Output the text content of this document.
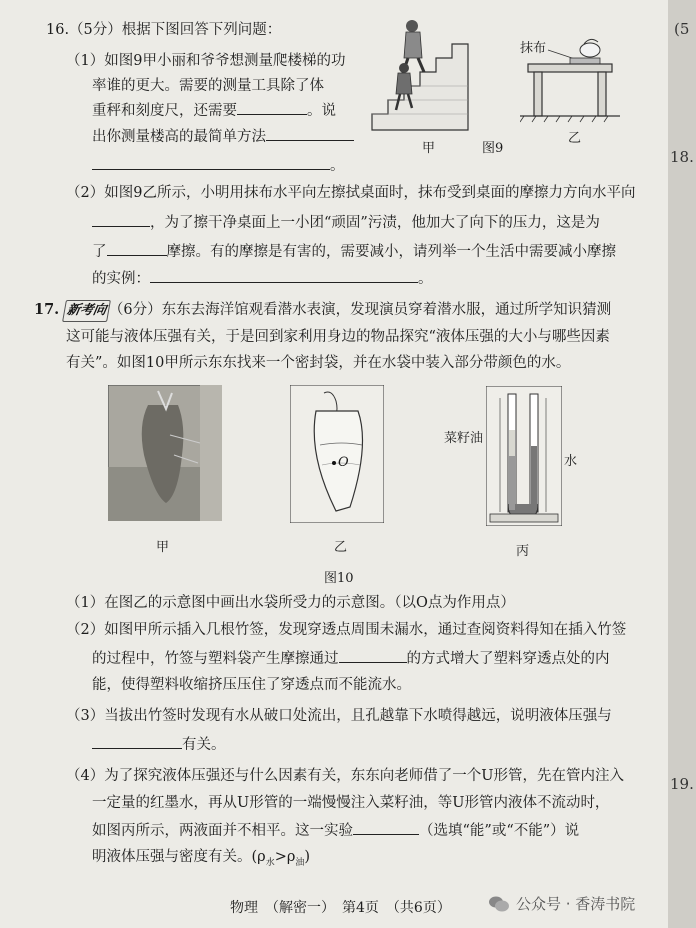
16.（5分）根据下图回答下列问题：
（1）如图9甲小丽和爷爷想测量爬楼梯的功
率谁的更大。需要的测量工具除了体
重秤和刻度尺，还需要	。说
出你测量楼高的最简单方法
。
甲	图9
抹布
乙
（2）如图9乙所示，小明用抹布水平向左擦拭桌面时，抹布受到桌面的摩擦力方向水平向
，为了擦干净桌面上一小团“顽固”污渍，他加大了向下的压力，这是为
了	摩擦。有的摩擦是有害的，需要减小，请列举一个生活中需要减小摩擦
的实例：	。
17. 新考向 （6分）东东去海洋馆观看潜水表演，发现演员穿着潜水服，通过所学知识猜测
这可能与液体压强有关，于是回到家利用身边的物品探究“液体压强的大小与哪些因素
有关”。如图10甲所示东东找来一个密封袋，并在水袋中装入部分带颜色的水。
甲
O
乙
菜籽油
水
丙
图10
（1）在图乙的示意图中画出水袋所受力的示意图。（以O点为作用点）
（2）如图甲所示插入几根竹签，发现穿透点周围未漏水，通过查阅资料得知在插入竹签
的过程中，竹签与塑料袋产生摩擦通过	的方式增大了塑料穿透点处的内
能，使得塑料收缩挤压压住了穿透点而不能流水。
（3）当拔出竹签时发现有水从破口处流出，且孔越靠下水喷得越远，说明液体压强与
有关。
（4）为了探究液体压强还与什么因素有关，东东向老师借了一个U形管，先在管内注入
一定量的红墨水，再从U形管的一端慢慢注入菜籽油，等U形管内液体不流动时，
如图丙所示，两液面并不相平。这一实验	（选填“能”或“不能”）说
明液体压强与密度有关。$(\rho_水>\rho_油)$
物理　（解密一）　第4页　（共6页）	公众号 · 香涛书院
(5
18.
19.
